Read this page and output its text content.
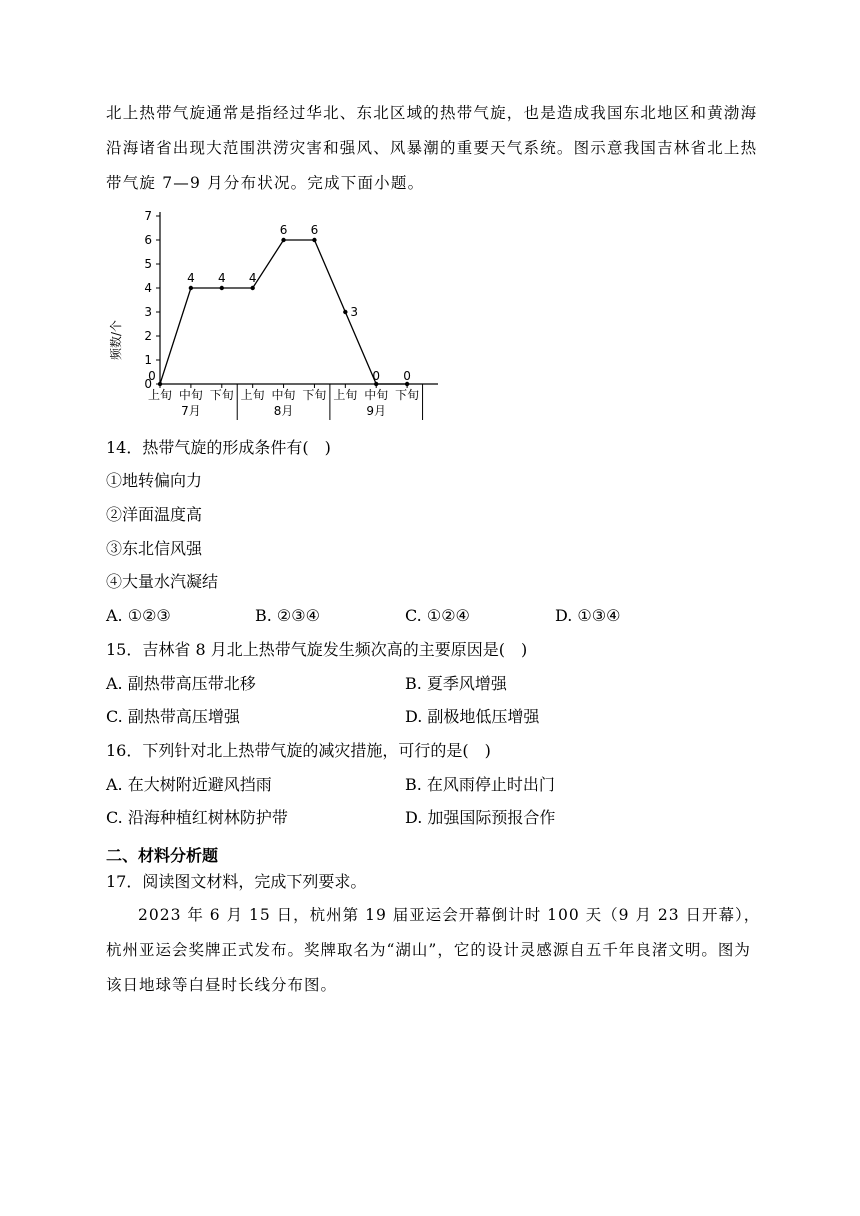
北上热带气旋通常是指经过华北、东北区域的热带气旋，也是造成我国东北地区和黄渤海沿海诸省出现大范围洪涝灾害和强风、风暴潮的重要天气系统。图示意我国吉林省北上热带气旋 7—9 月分布状况。完成下面小题。
0
1
2
3
4
5
6
7
0
4 4 4
6 6
3
0 0
上旬 中旬 下旬 上旬 中旬 下旬 上旬 中旬 下旬
7月	8月	9月
频数/个
14．热带气旋的形成条件有(　)
①地转偏向力
②洋面温度高
③东北信风强
④大量水汽凝结
A. ①②③	B. ②③④	C. ①②④	D. ①③④
15．吉林省 8 月北上热带气旋发生频次高的主要原因是(　)
A. 副热带高压带北移	B. 夏季风增强
C. 副热带高压增强	D. 副极地低压增强
16．下列针对北上热带气旋的减灾措施，可行的是(　)
A. 在大树附近避风挡雨	B. 在风雨停止时出门
C. 沿海种植红树林防护带	D. 加强国际预报合作
二、材料分析题
17．阅读图文材料，完成下列要求。
2023 年 6 月 15 日，杭州第 19 届亚运会开幕倒计时 100 天（9 月 23 日开幕），杭州亚运会奖牌正式发布。奖牌取名为“湖山”，它的设计灵感源自五千年良渚文明。图为该日地球等白昼时长线分布图。
